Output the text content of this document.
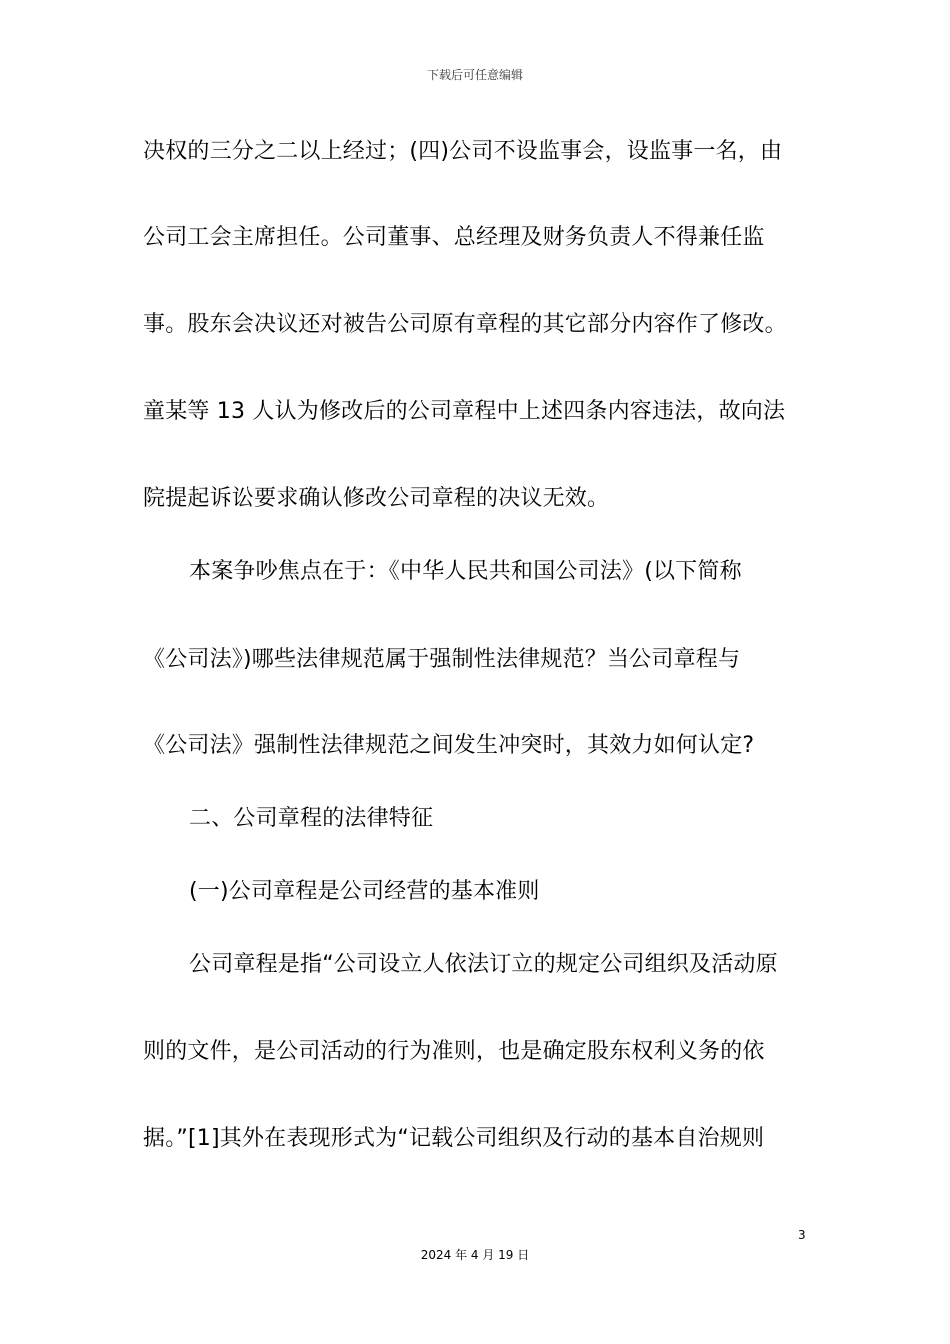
下载后可任意编辑
决权的三分之二以上经过；(四)公司不设监事会，设监事一名，由
公司工会主席担任。公司董事、总经理及财务负责人不得兼任监
事。股东会决议还对被告公司原有章程的其它部分内容作了修改。
童某等 13 人认为修改后的公司章程中上述四条内容违法，故向法
院提起诉讼要求确认修改公司章程的决议无效。
本案争吵焦点在于：《中华人民共和国公司法》(以下简称
《公司法》)哪些法律规范属于强制性法律规范？当公司章程与
《公司法》强制性法律规范之间发生冲突时，其效力如何认定?
二、公司章程的法律特征
(一)公司章程是公司经营的基本准则
公司章程是指“公司设立人依法订立的规定公司组织及活动原
则的文件，是公司活动的行为准则，也是确定股东权利义务的依
据。”[1]其外在表现形式为“记载公司组织及行动的基本自治规则
3
2024 年 4 月 19 日
